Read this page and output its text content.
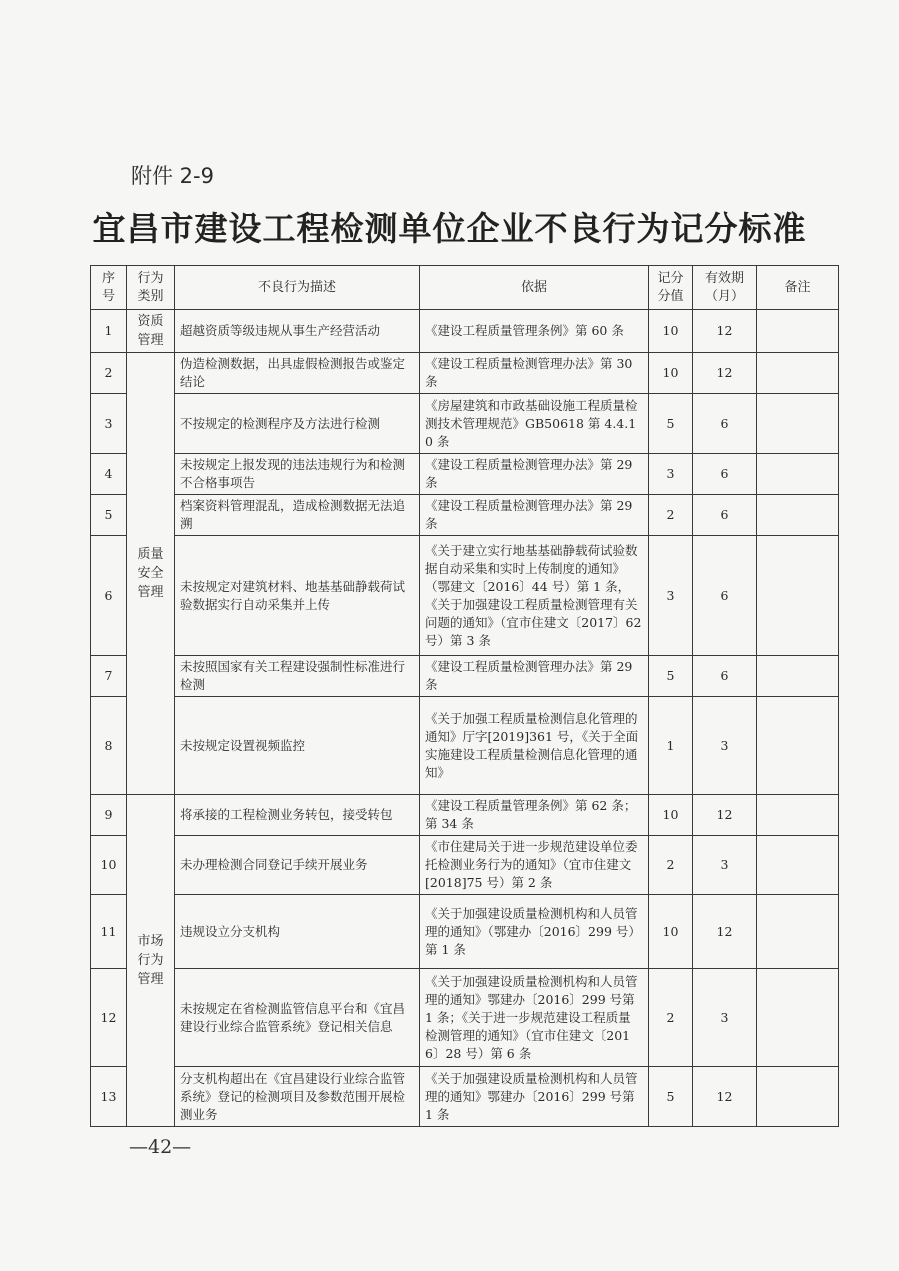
附件 2-9
宜昌市建设工程检测单位企业不良行为记分标准
序号	行为类别	不良行为描述	依据	记分分值	有效期（月）	备注
1	资质管理	超越资质等级违规从事生产经营活动	《建设工程质量管理条例》第 60 条	10	12	
2	质量安全管理	伪造检测数据，出具虚假检测报告或鉴定结论	《建设工程质量检测管理办法》第 30 条	10	12	
3		不按规定的检测程序及方法进行检测	《房屋建筑和市政基础设施工程质量检测技术管理规范》GB50618 第 4.4.10 条	5	6	
4		未按规定上报发现的违法违规行为和检测不合格事项告	《建设工程质量检测管理办法》第 29 条	3	6	
5		档案资料管理混乱，造成检测数据无法追溯	《建设工程质量检测管理办法》第 29 条	2	6	
6		未按规定对建筑材料、地基基础静载荷试验数据实行自动采集并上传	《关于建立实行地基基础静载荷试验数据自动采集和实时上传制度的通知》（鄂建文〔2016〕44 号）第 1 条，《关于加强建设工程质量检测管理有关问题的通知》（宜市住建文〔2017〕62 号）第 3 条	3	6	
7		未按照国家有关工程建设强制性标准进行检测	《建设工程质量检测管理办法》第 29 条	5	6	
8		未按规定设置视频监控	《关于加强工程质量检测信息化管理的通知》厅字[2019]361 号，《关于全面实施建设工程质量检测信息化管理的通知》	1	3	
9	市场行为管理	将承接的工程检测业务转包，接受转包	《建设工程质量管理条例》第 62 条；第 34 条	10	12	
10		未办理检测合同登记手续开展业务	《市住建局关于进一步规范建设单位委托检测业务行为的通知》（宜市住建文[2018]75 号）第 2 条	2	3	
11		违规设立分支机构	《关于加强建设质量检测机构和人员管理的通知》（鄂建办〔2016〕299 号）第 1 条	10	12	
12		未按规定在省检测监管信息平台和《宜昌建设行业综合监管系统》登记相关信息	《关于加强建设质量检测机构和人员管理的通知》鄂建办〔2016〕299 号第 1 条；《关于进一步规范建设工程质量检测管理的通知》（宜市住建文〔2016〕28 号）第 6 条	2	3	
13		分支机构超出在《宜昌建设行业综合监管系统》登记的检测项目及参数范围开展检测业务	《关于加强建设质量检测机构和人员管理的通知》鄂建办〔2016〕299 号第 1 条	5	12	
—42—
